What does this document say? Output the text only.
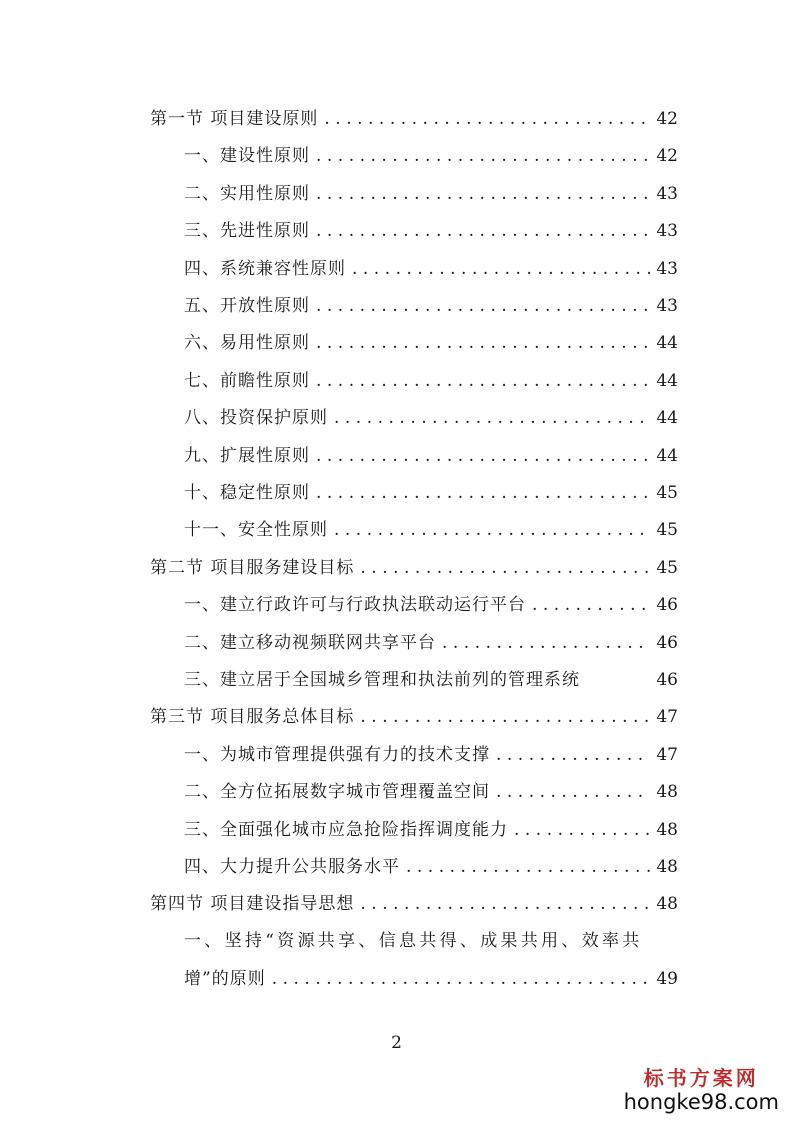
第一节 项目建设原则 .....	42
一、建设性原则 .....	42
二、实用性原则 .....	43
三、先进性原则 .....	43
四、系统兼容性原则 .....	43
五、开放性原则 .....	43
六、易用性原则 .....	44
七、前瞻性原则 .....	44
八、投资保护原则 .....	44
九、扩展性原则 .....	44
十、稳定性原则 .....	45
十一、安全性原则 .....	45
第二节 项目服务建设目标 .....	45
一、建立行政许可与行政执法联动运行平台 .....	46
二、建立移动视频联网共享平台 .....	46
三、建立居于全国城乡管理和执法前列的管理系统	46
第三节 项目服务总体目标 .....	47
一、为城市管理提供强有力的技术支撑 .....	47
二、全方位拓展数字城市管理覆盖空间 .....	48
三、全面强化城市应急抢险指挥调度能力 .....	48
四、大力提升公共服务水平 .....	48
第四节 项目建设指导思想 .....	48
一、坚持“资源共享、信息共得、成果共用、效率共
增”的原则 .....	49
2
标书方案网
hongke98.com
